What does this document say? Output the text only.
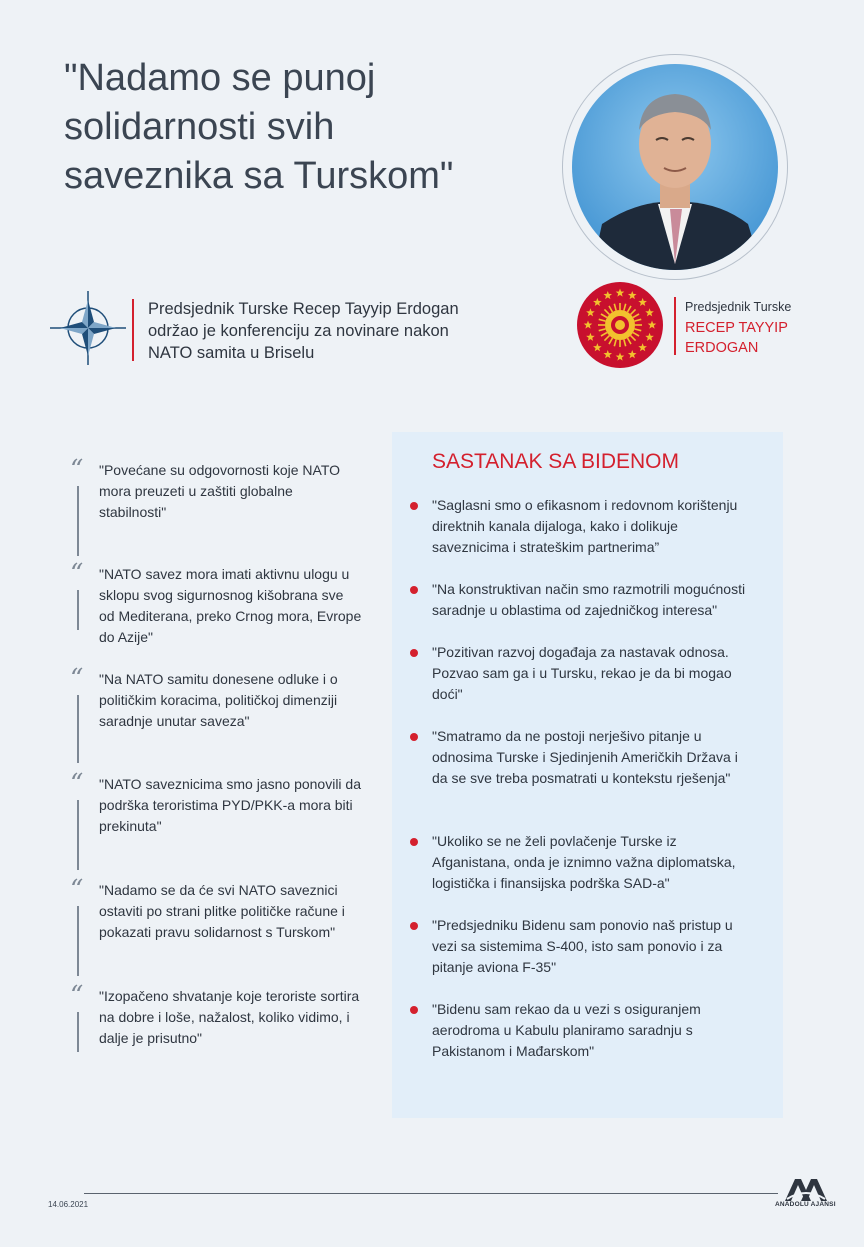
"Nadamo se punoj
solidarnosti svih
saveznika sa Turskom"
Predsjednik Turske Recep Tayyip Erdogan
održao je konferenciju za novinare nakon
NATO samita u Briselu
Predsjednik Turske
RECEP TAYYIP
ERDOGAN
“ "Povećane su odgovornosti koje NATO
mora preuzeti u zaštiti globalne
stabilnosti"
“ "NATO savez mora imati aktivnu ulogu u
sklopu svog sigurnosnog kišobrana sve
od Mediterana, preko Crnog mora, Evrope
do Azije"
“ "Na NATO samitu donesene odluke i o
političkim koracima, političkoj dimenziji
saradnje unutar saveza"
“ "NATO saveznicima smo jasno ponovili da
podrška teroristima PYD/PKK-a mora biti
prekinuta"
“ "Nadamo se da će svi NATO saveznici
ostaviti po strani plitke političke račune i
pokazati pravu solidarnost s Turskom"
“ "Izopačeno shvatanje koje teroriste sortira
na dobre i loše, nažalost, koliko vidimo, i
dalje je prisutno"
SASTANAK SA BIDENOM
"Saglasni smo o efikasnom i redovnom korištenju
direktnih kanala dijaloga, kako i dolikuje
saveznicima i strateškim partnerima”
"Na konstruktivan način smo razmotrili mogućnosti
saradnje u oblastima od zajedničkog interesa"
"Pozitivan razvoj događaja za nastavak odnosa.
Pozvao sam ga i u Tursku, rekao je da bi mogao
doći"
"Smatramo da ne postoji nerješivo pitanje u
odnosima Turske i Sjedinjenih Američkih Država i
da se sve treba posmatrati u kontekstu rješenja"
"Ukoliko se ne želi povlačenje Turske iz
Afganistana, onda je iznimno važna diplomatska,
logistička i finansijska podrška SAD-a"
"Predsjedniku Bidenu sam ponovio naš pristup u
vezi sa sistemima S-400, isto sam ponovio i za
pitanje aviona F-35"
"Bidenu sam rekao da u vezi s osiguranjem
aerodroma u Kabulu planiramo saradnju s
Pakistanom i Mađarskom"
14.06.2021	ANADOLU AJANSI
